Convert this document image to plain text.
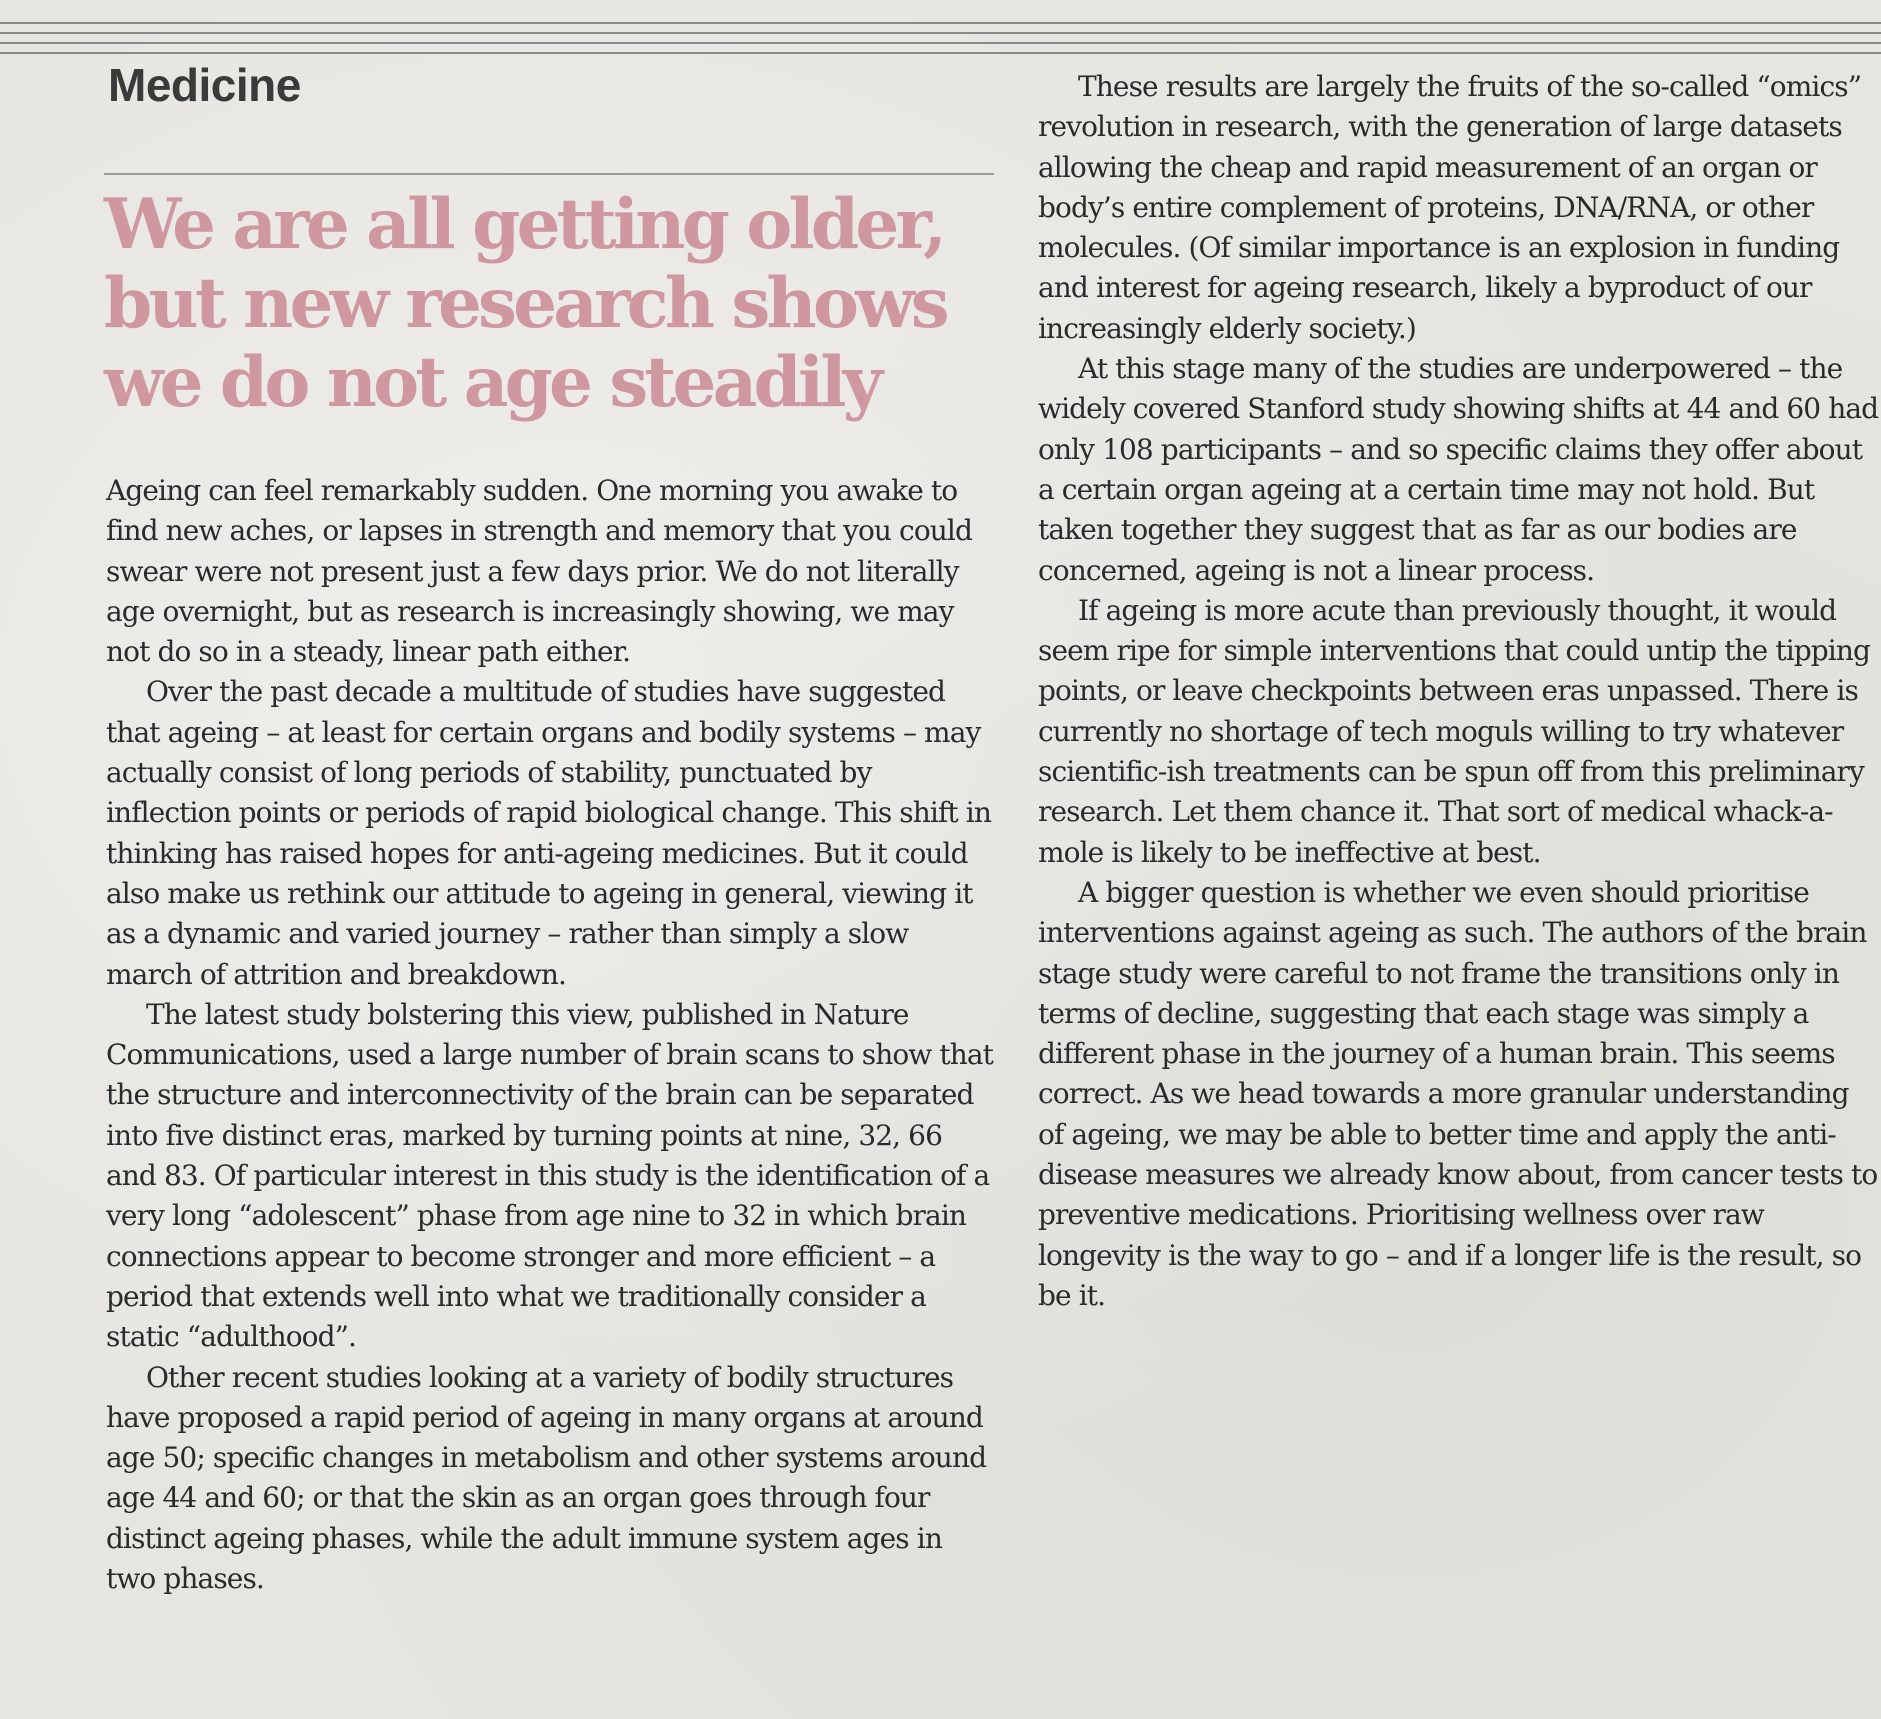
Medicine
We are all getting older,
but new research shows
we do not age steadily

Ageing can feel remarkably sudden. One morning you awake to find new aches, or lapses in strength and memory that you could swear were not present just a few days prior. We do not literally age overnight, but as research is increasingly showing, we may not do so in a steady, linear path either.

Over the past decade a multitude of studies have suggested that ageing – at least for certain organs and bodily systems – may actually consist of long periods of stability, punctuated by inflection points or periods of rapid biological change. This shift in thinking has raised hopes for anti-ageing medicines. But it could also make us rethink our attitude to ageing in general, viewing it as a dynamic and varied journey – rather than simply a slow march of attrition and breakdown.

The latest study bolstering this view, published in Nature Communications, used a large number of brain scans to show that the structure and interconnectivity of the brain can be separated into five distinct eras, marked by turning points at nine, 32, 66 and 83. Of particular interest in this study is the identification of a very long “adolescent” phase from age nine to 32 in which brain connections appear to become stronger and more efficient – a period that extends well into what we traditionally consider a static “adulthood”.

Other recent studies looking at a variety of bodily structures have proposed a rapid period of ageing in many organs at around age 50; specific changes in metabolism and other systems around age 44 and 60; or that the skin as an organ goes through four distinct ageing phases, while the adult immune system ages in two phases.

These results are largely the fruits of the so-called “omics” revolution in research, with the generation of large datasets allowing the cheap and rapid measurement of an organ or body’s entire complement of proteins, DNA/RNA, or other molecules. (Of similar importance is an explosion in funding and interest for ageing research, likely a byproduct of our increasingly elderly society.)

At this stage many of the studies are underpowered – the widely covered Stanford study showing shifts at 44 and 60 had only 108 participants – and so specific claims they offer about a certain organ ageing at a certain time may not hold. But taken together they suggest that as far as our bodies are concerned, ageing is not a linear process.

If ageing is more acute than previously thought, it would seem ripe for simple interventions that could untip the tipping points, or leave checkpoints between eras unpassed. There is currently no shortage of tech moguls willing to try whatever scientific-ish treatments can be spun off from this preliminary research. Let them chance it. That sort of medical whack-a-mole is likely to be ineffective at best.

A bigger question is whether we even should prioritise interventions against ageing as such. The authors of the brain stage study were careful to not frame the transitions only in terms of decline, suggesting that each stage was simply a different phase in the journey of a human brain. This seems correct. As we head towards a more granular understanding of ageing, we may be able to better time and apply the anti-disease measures we already know about, from cancer tests to preventive medications. Prioritising wellness over raw longevity is the way to go – and if a longer life is the result, so be it.
